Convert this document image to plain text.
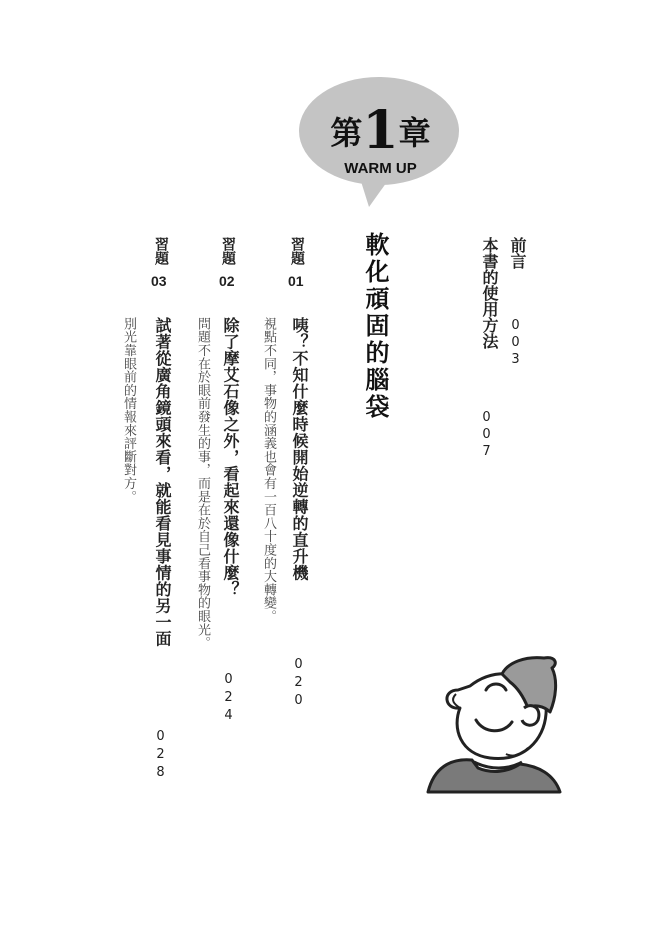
第1章
WARM UP
軟化頑固的腦袋	前言
003
本書的使用方法
007
習題
01
咦？不知什麼時候開始逆轉的直升機
020
視點不同，事物的涵義也會有一百八十度的大轉變。
習題
02
除了摩艾石像之外，看起來還像什麼？
024
問題不在於眼前發生的事，而是在於自己看事物的眼光。
習題
03
試著從廣角鏡頭來看，就能看見事情的另一面
028
別光靠眼前的情報來評斷對方。
